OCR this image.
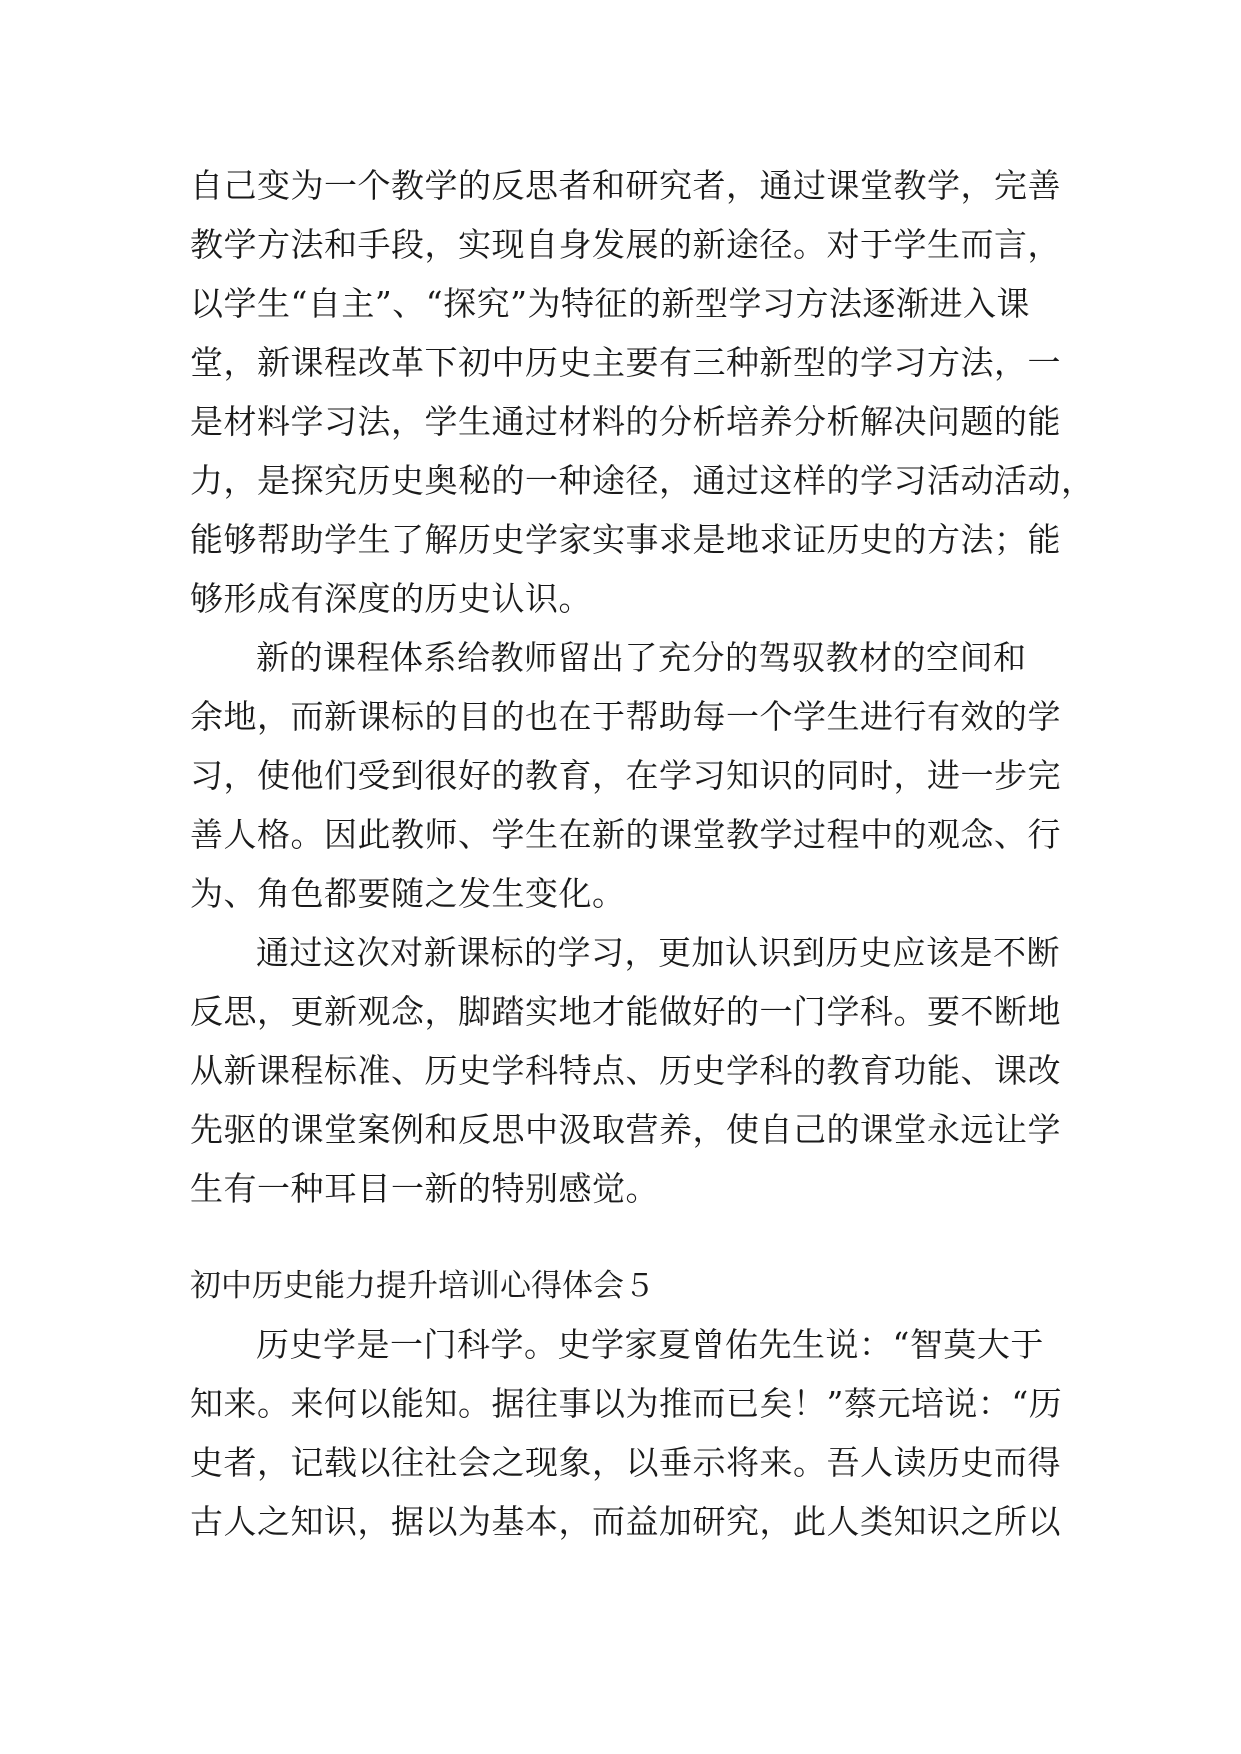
自己变为一个教学的反思者和研究者，通过课堂教学，完善
教学方法和手段，实现自身发展的新途径。对于学生而言，
以学生“自主”、“探究”为特征的新型学习方法逐渐进入课
堂，新课程改革下初中历史主要有三种新型的学习方法，一
是材料学习法，学生通过材料的分析培养分析解决问题的能
力，是探究历史奥秘的一种途径，通过这样的学习活动活动，
能够帮助学生了解历史学家实事求是地求证历史的方法；能
够形成有深度的历史认识。
新的课程体系给教师留出了充分的驾驭教材的空间和
余地，而新课标的目的也在于帮助每一个学生进行有效的学
习，使他们受到很好的教育，在学习知识的同时，进一步完
善人格。因此教师、学生在新的课堂教学过程中的观念、行
为、角色都要随之发生变化。
通过这次对新课标的学习，更加认识到历史应该是不断
反思，更新观念，脚踏实地才能做好的一门学科。要不断地
从新课程标准、历史学科特点、历史学科的教育功能、课改
先驱的课堂案例和反思中汲取营养，使自己的课堂永远让学
生有一种耳目一新的特别感觉。
初中历史能力提升培训心得体会５
历史学是一门科学。史学家夏曾佑先生说：“智莫大于
知来。来何以能知。据往事以为推而已矣！”蔡元培说：“历
史者，记载以往社会之现象，以垂示将来。吾人读历史而得
古人之知识，据以为基本，而益加研究，此人类知识之所以
